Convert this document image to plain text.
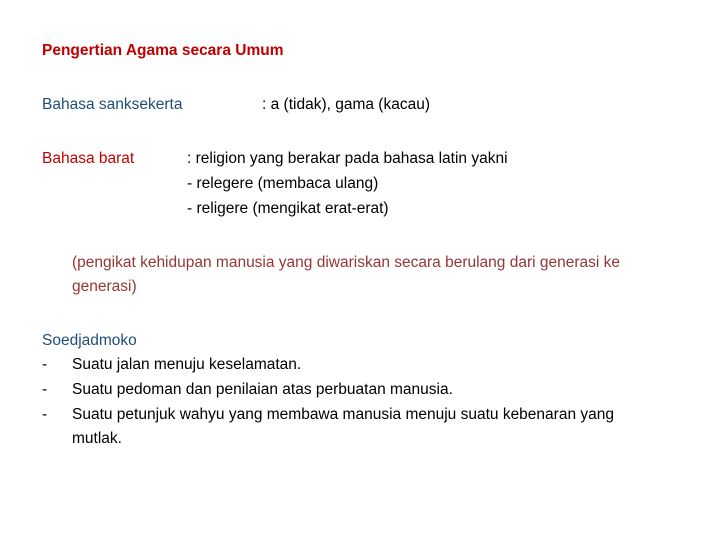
Pengertian Agama secara Umum
Bahasa sanksekerta	: a (tidak), gama (kacau)
Bahasa barat	: religion yang berakar pada bahasa latin yakni
- relegere (membaca ulang)
- religere (mengikat erat-erat)
(pengikat kehidupan manusia yang diwariskan secara berulang dari generasi ke
generasi)
Soedjadmoko
- Suatu jalan menuju keselamatan.
- Suatu pedoman dan penilaian atas perbuatan manusia.
- Suatu petunjuk wahyu yang membawa manusia menuju suatu kebenaran yang
mutlak.
